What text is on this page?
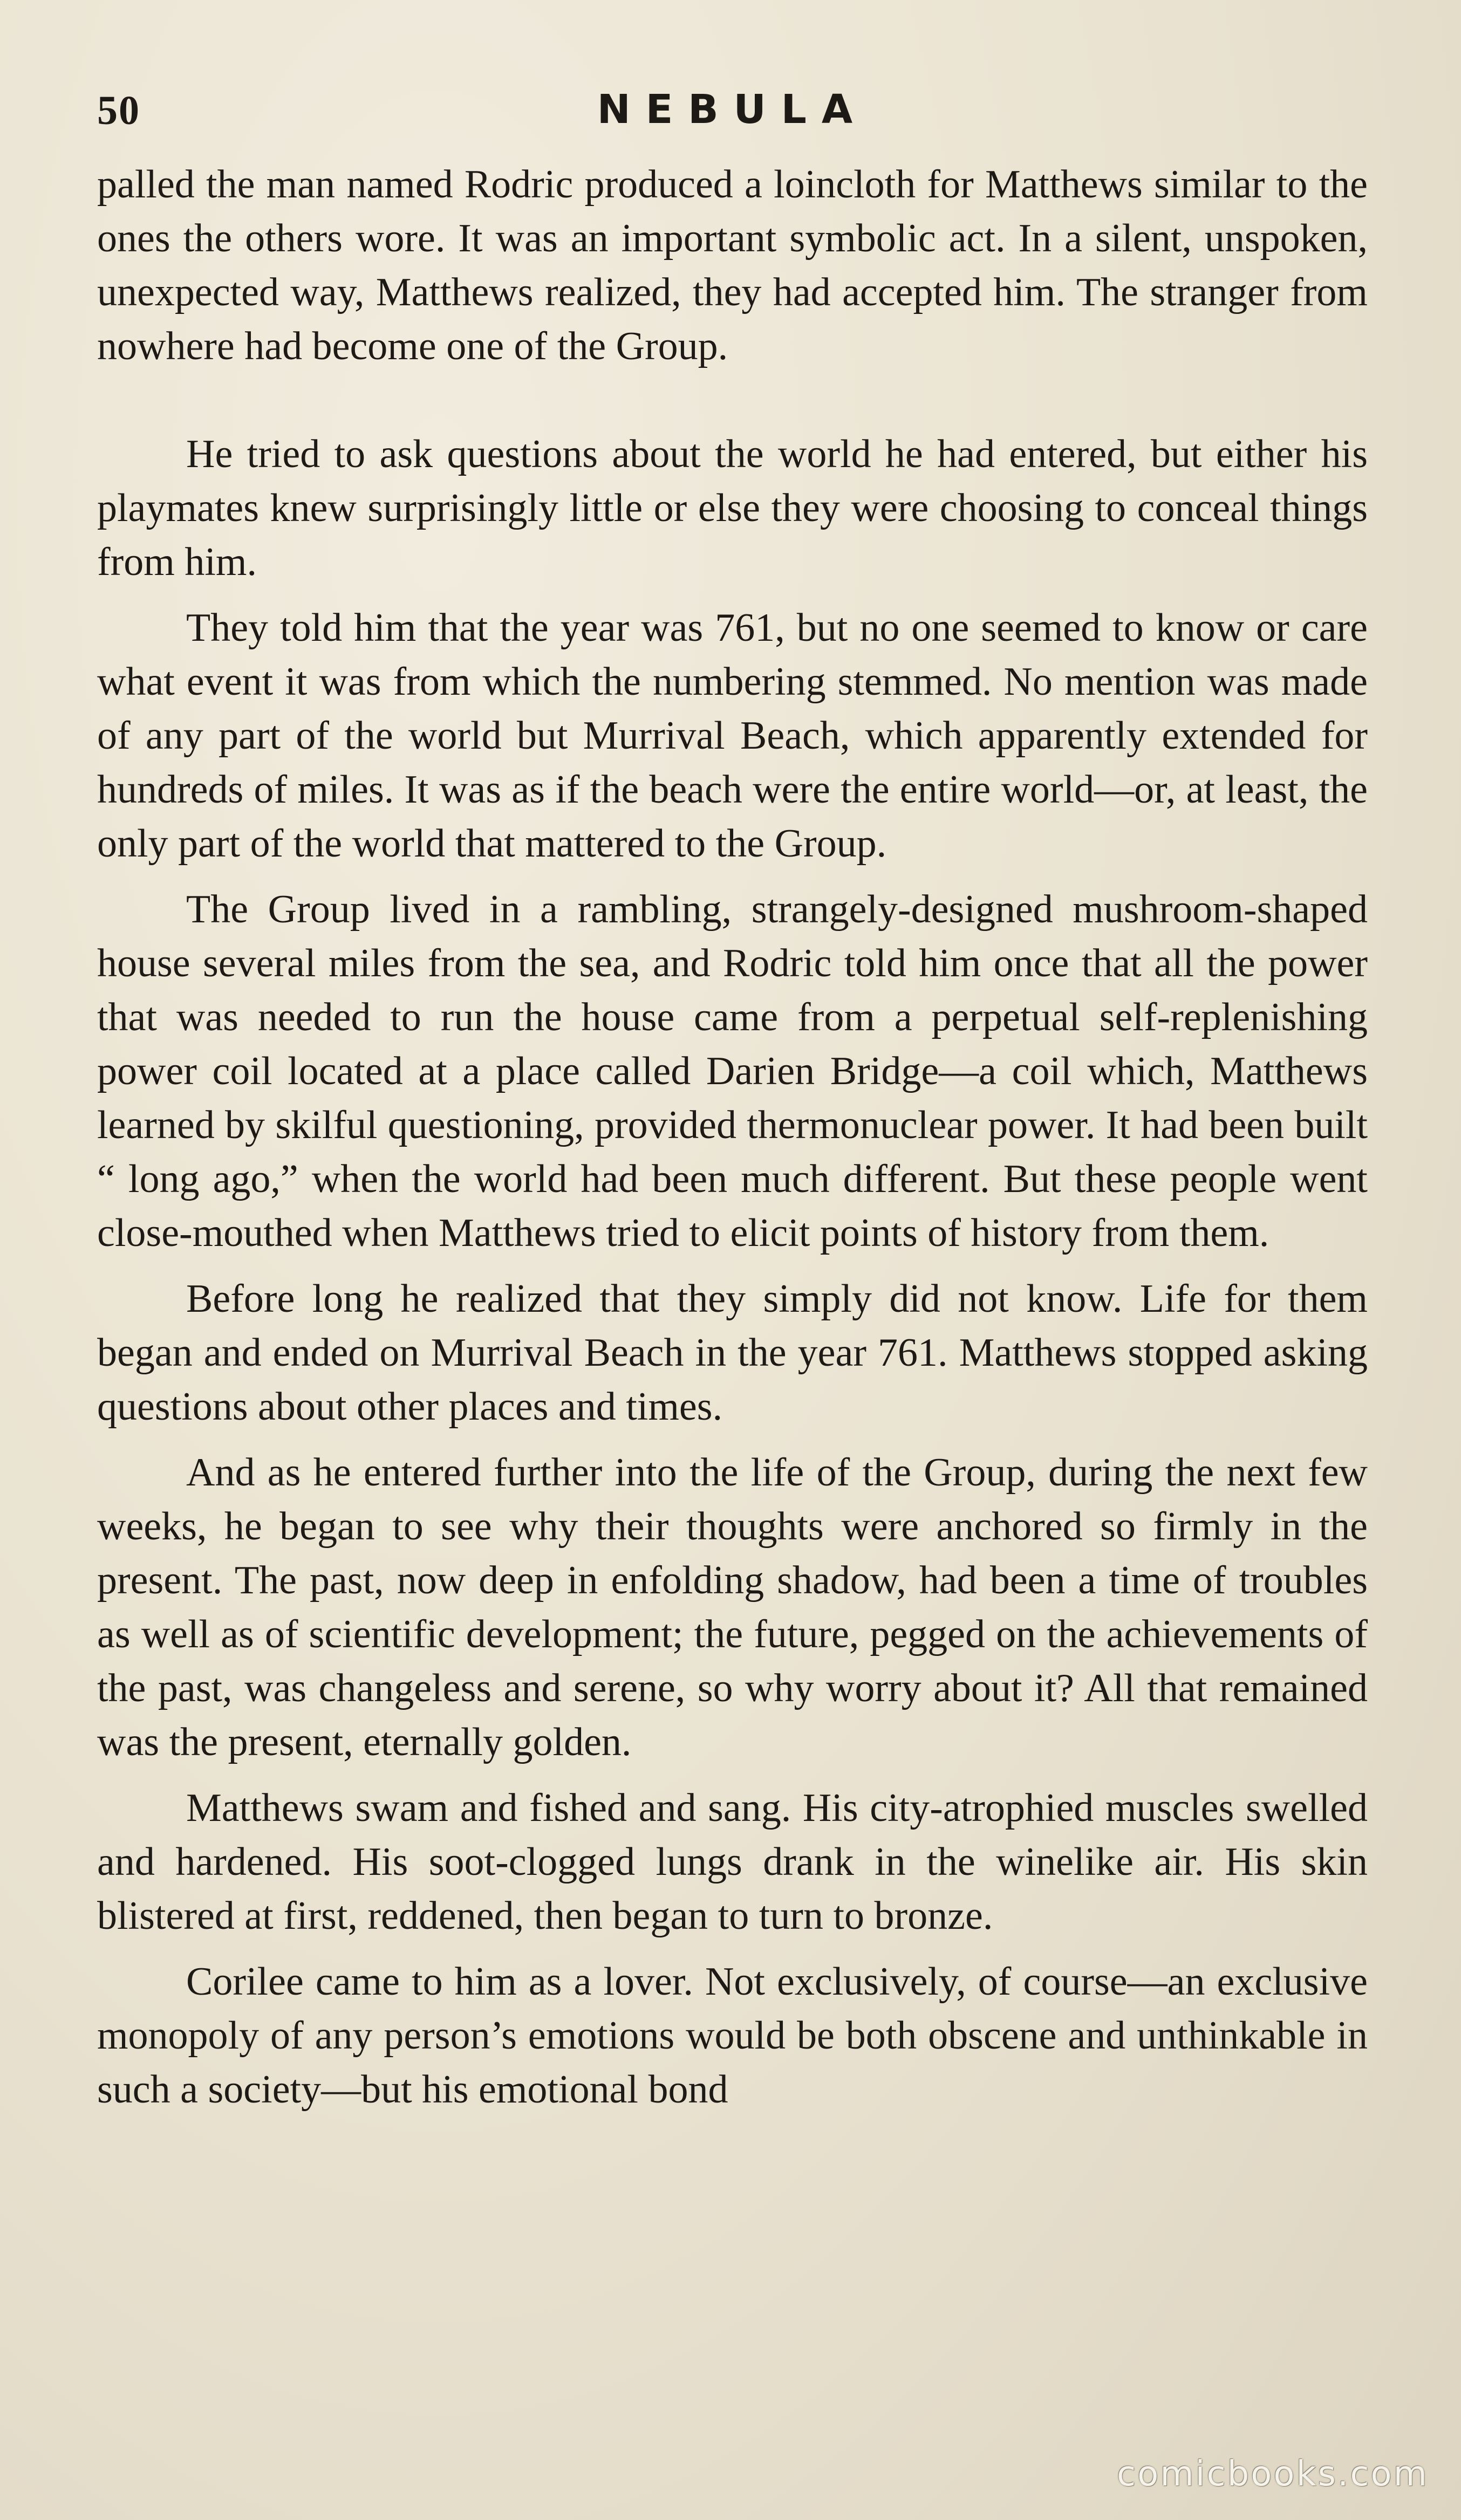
50	NEBULA

palled the man named Rodric produced a loincloth for Matthews similar to the ones the others wore. It was an important symbolic act. In a silent, unspoken, unexpected way, Matthews realized, they had accepted him. The stranger from nowhere had become one of the Group.

He tried to ask questions about the world he had entered, but either his playmates knew surprisingly little or else they were choosing to conceal things from him.

They told him that the year was 761, but no one seemed to know or care what event it was from which the numbering stemmed. No mention was made of any part of the world but Murrival Beach, which apparently extended for hundreds of miles. It was as if the beach were the entire world—or, at least, the only part of the world that mattered to the Group.

The Group lived in a rambling, strangely-designed mushroom-shaped house several miles from the sea, and Rodric told him once that all the power that was needed to run the house came from a perpetual self-replenishing power coil located at a place called Darien Bridge—a coil which, Matthews learned by skilful questioning, provided thermonuclear power. It had been built “ long ago,” when the world had been much different. But these people went close-mouthed when Matthews tried to elicit points of history from them.

Before long he realized that they simply did not know. Life for them began and ended on Murrival Beach in the year 761. Matthews stopped asking questions about other places and times.

And as he entered further into the life of the Group, during the next few weeks, he began to see why their thoughts were anchored so firmly in the present. The past, now deep in enfolding shadow, had been a time of troubles as well as of scientific development; the future, pegged on the achievements of the past, was changeless and serene, so why worry about it? All that remained was the present, eternally golden.

Matthews swam and fished and sang. His city-atrophied muscles swelled and hardened. His soot-clogged lungs drank in the winelike air. His skin blistered at first, reddened, then began to turn to bronze.

Corilee came to him as a lover. Not exclusively, of course—an exclusive monopoly of any person’s emotions would be both obscene and unthinkable in such a society—but his emotional bond

comicbooks.com
